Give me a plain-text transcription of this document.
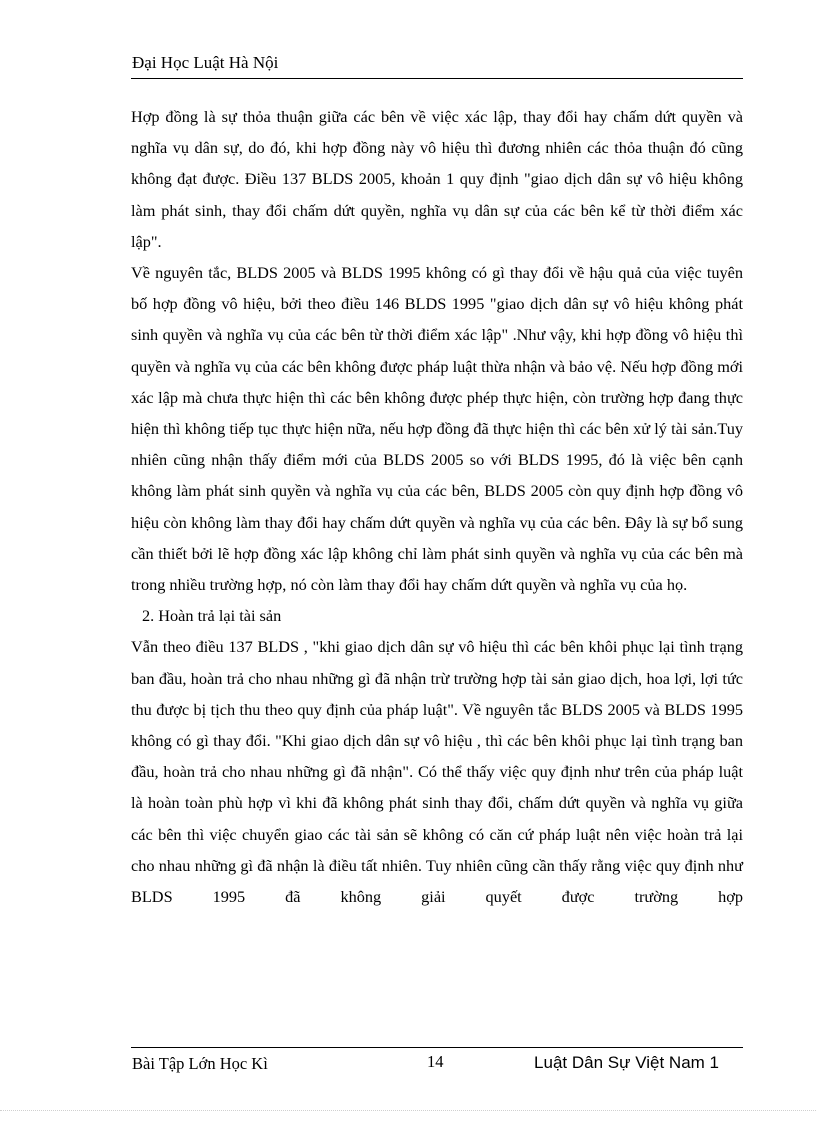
Đại Học Luật Hà Nội

Hợp đồng là sự thỏa thuận giữa các bên về việc xác lập, thay đổi hay chấm dứt quyền và nghĩa vụ dân sự, do đó, khi hợp đồng này vô hiệu thì đương nhiên các thỏa thuận đó cũng không đạt được. Điều 137 BLDS 2005, khoản 1 quy định "giao dịch dân sự vô hiệu không làm phát sinh, thay đổi chấm dứt quyền, nghĩa vụ dân sự của các bên kể từ thời điểm xác lập".

Về nguyên tắc, BLDS 2005 và BLDS 1995 không có gì thay đổi về hậu quả của việc tuyên bố hợp đồng vô hiệu, bởi theo điều 146 BLDS 1995 "giao dịch dân sự vô hiệu không phát sinh quyền và nghĩa vụ của các bên từ thời điểm xác lập" .Như vậy, khi hợp đồng vô hiệu thì quyền và nghĩa vụ của các bên không được pháp luật thừa nhận và bảo vệ. Nếu hợp đồng mới xác lập mà chưa thực hiện thì các bên không được phép thực hiện, còn trường hợp đang thực hiện thì không tiếp tục thực hiện nữa, nếu hợp đồng đã thực hiện thì các bên xử lý tài sản.Tuy nhiên cũng nhận thấy điểm mới của BLDS 2005 so với BLDS 1995, đó là việc bên cạnh không làm phát sinh quyền và nghĩa vụ của các bên, BLDS 2005 còn quy định hợp đồng vô hiệu còn không làm thay đổi hay chấm dứt quyền và nghĩa vụ của các bên. Đây là sự bổ sung cần thiết bởi lẽ hợp đồng xác lập không chỉ làm phát sinh quyền và nghĩa vụ của các bên mà trong nhiều trường hợp, nó còn làm thay đổi hay chấm dứt quyền và nghĩa vụ của họ.

2. Hoàn trả lại tài sản

Vẫn theo điều 137 BLDS , "khi giao dịch dân sự vô hiệu thì các bên khôi phục lại tình trạng ban đầu, hoàn trả cho nhau những gì đã nhận trừ trường hợp tài sản giao dịch, hoa lợi, lợi tức thu được bị tịch thu theo quy định của pháp luật". Về nguyên tắc BLDS 2005 và BLDS 1995 không có gì thay đổi. "Khi giao dịch dân sự vô hiệu , thì các bên khôi phục lại tình trạng ban đầu, hoàn trả cho nhau những gì đã nhận". Có thể thấy việc quy định như trên của pháp luật là hoàn toàn phù hợp vì khi đã không phát sinh thay đổi, chấm dứt quyền và nghĩa vụ giữa các bên thì việc chuyển giao các tài sản sẽ không có căn cứ pháp luật nên việc hoàn trả lại cho nhau những gì đã nhận là điều tất nhiên. Tuy nhiên cũng cần thấy rằng việc quy định như BLDS 1995 đã không giải quyết được trường hợp

Bài Tập Lớn Học Kì	14	Luật Dân Sự Việt Nam 1
